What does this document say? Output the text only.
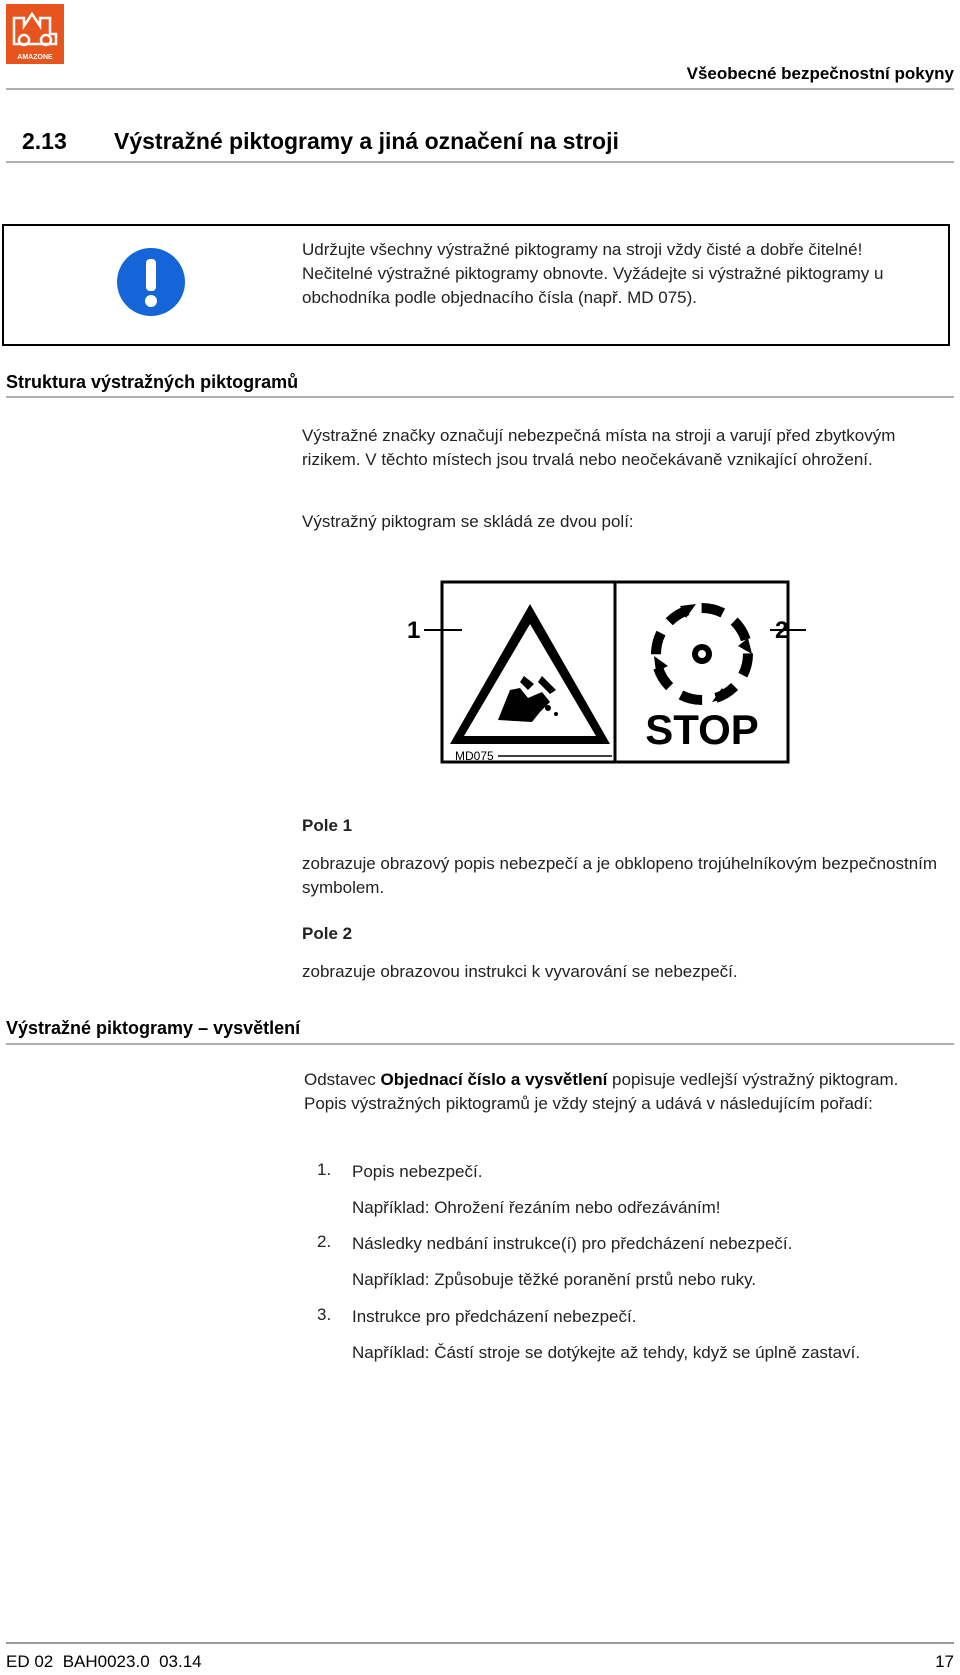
AMAZONE
Všeobecné bezpečnostní pokyny
2.13 Výstražné piktogramy a jiná označení na stroji
Udržujte všechny výstražné piktogramy na stroji vždy čisté a dobře čitelné! Nečitelné výstražné piktogramy obnovte. Vyžádejte si výstražné piktogramy u obchodníka podle objednacího čísla (např. MD 075).
Struktura výstražných piktogramů
Výstražné značky označují nebezpečná místa na stroji a varují před zbytkovým rizikem. V těchto místech jsou trvalá nebo neočekávaně vznikající ohrožení.
Výstražný piktogram se skládá ze dvou polí:
1
MD075
STOP
2
Pole 1
zobrazuje obrazový popis nebezpečí a je obklopeno trojúhelníkovým bezpečnostním symbolem.
Pole 2
zobrazuje obrazovou instrukci k vyvarování se nebezpečí.
Výstražné piktogramy – vysvětlení
Odstavec Objednací číslo a vysvětlení popisuje vedlejší výstražný piktogram. Popis výstražných piktogramů je vždy stejný a udává v následujícím pořadí:
1. Popis nebezpečí.
Například: Ohrožení řezáním nebo odřezáváním!
2. Následky nedbání instrukce(í) pro předcházení nebezpečí.
Například: Způsobuje těžké poranění prstů nebo ruky.
3. Instrukce pro předcházení nebezpečí.
Například: Částí stroje se dotýkejte až tehdy, když se úplně zastaví.
ED 02  BAH0023.0  03.14	17
